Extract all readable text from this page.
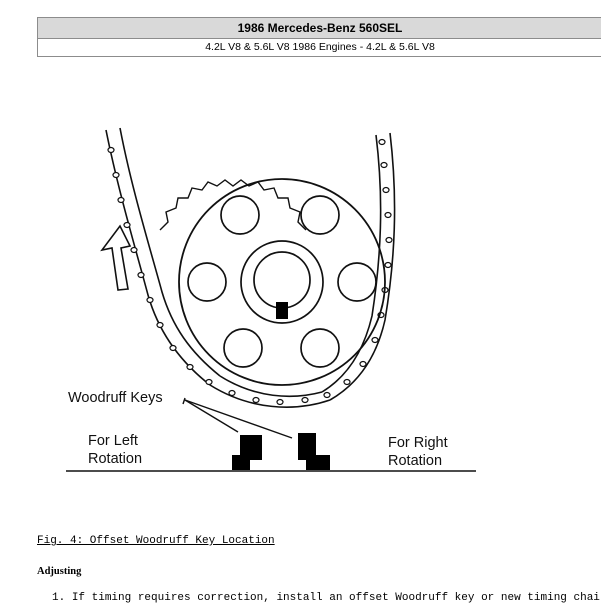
1986 Mercedes-Benz 560SEL
4.2L V8 & 5.6L V8 1986 Engines - 4.2L & 5.6L V8
Woodruff Keys
For Left
Rotation
For Right
Rotation
Fig. 4: Offset Woodruff Key Location
Adjusting
1. If timing requires correction, install an offset Woodruff key or new timing chai
